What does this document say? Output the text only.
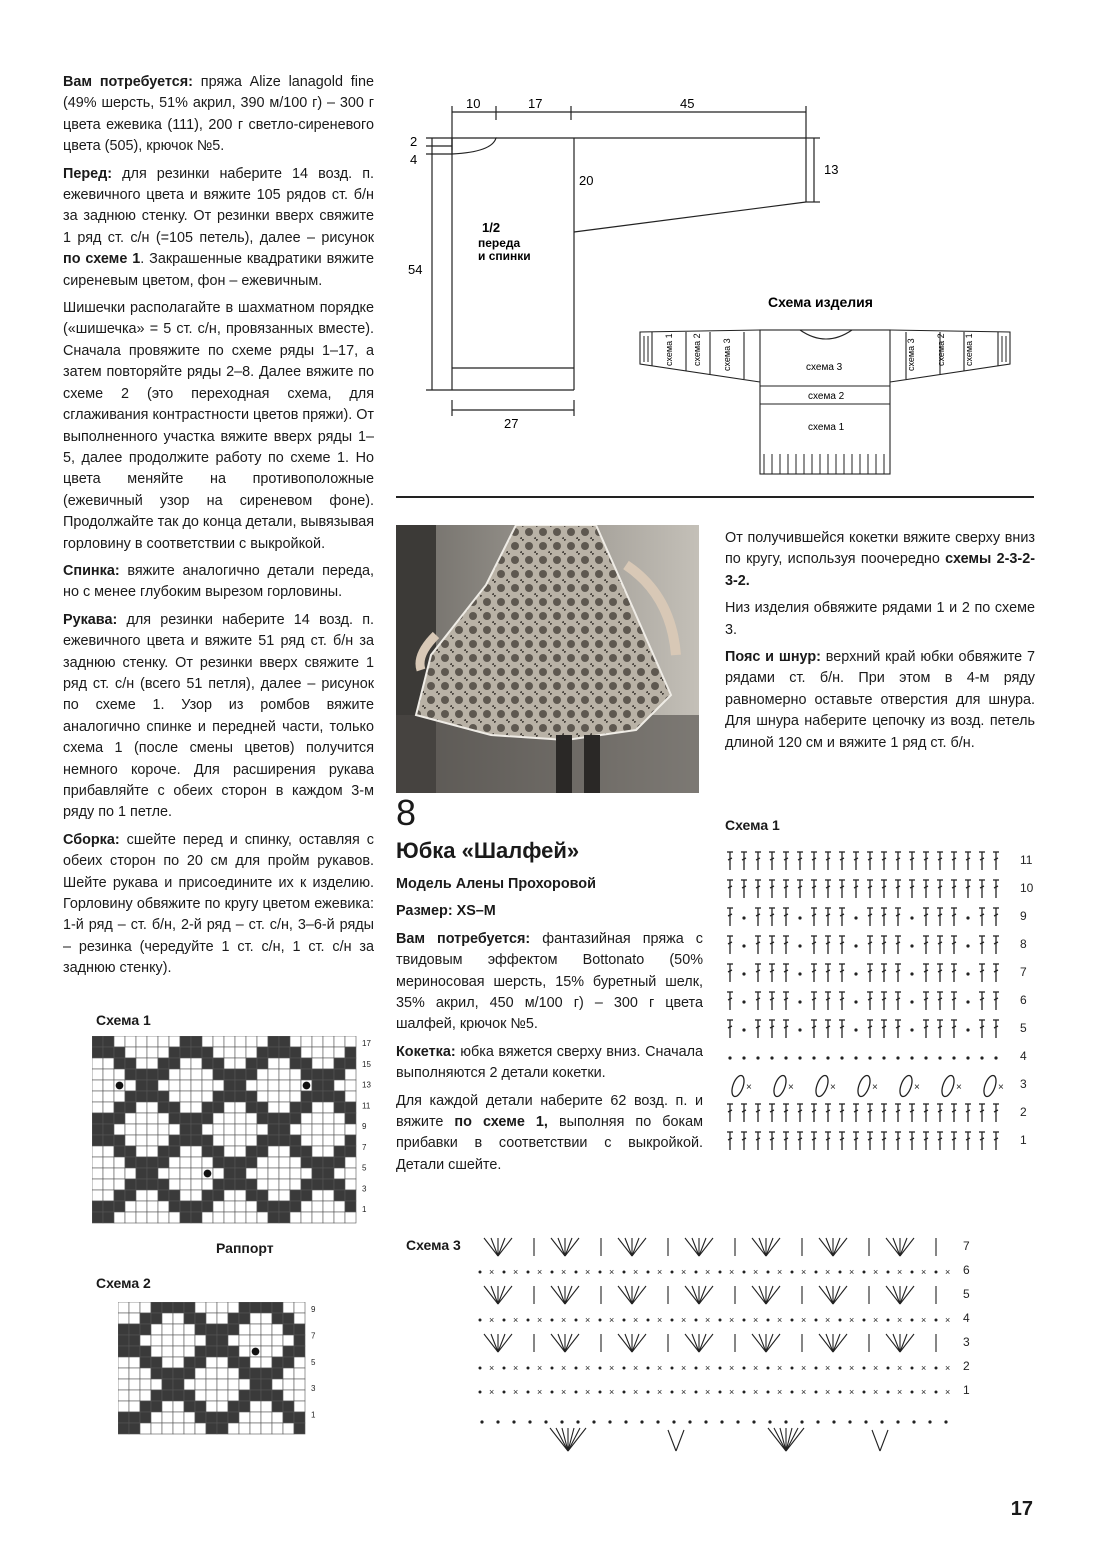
Вам потребуется: пряжа Alize lanagold fine (49% шерсть, 51% акрил, 390 м/100 г) – 300 г цвета ежевика (111), 200 г светло-сиреневого цвета (505), крючок №5.

Перед: для резинки наберите 14 возд. п. ежевичного цвета и вяжите 105 рядов ст. б/н за заднюю стенку. От резинки вверх свяжите 1 ряд ст. с/н (=105 петель), далее – рисунок по схеме 1. Закрашенные квадратики вяжите сиреневым цветом, фон – ежевичным.

Шишечки располагайте в шахматном порядке («шишечка» = 5 ст. с/н, провязанных вместе). Сначала провяжите по схеме ряды 1–17, а затем повторяйте ряды 2–8. Далее вяжите по схеме 2 (это переходная схема, для сглаживания контрастности цветов пряжи). От выполненного участка вяжите вверх ряды 1–5, далее продолжите работу по схеме 1. Но цвета меняйте на противоположные (ежевичный узор на сиреневом фоне). Продолжайте так до конца детали, вывязывая горловину в соответствии с выкройкой.

Спинка: вяжите аналогично детали переда, но с менее глубоким вырезом горловины.

Рукава: для резинки наберите 14 возд. п. ежевичного цвета и вяжите 51 ряд ст. б/н за заднюю стенку. От резинки вверх свяжите 1 ряд ст. с/н (всего 51 петля), далее – рисунок по схеме 1. Узор из ромбов вяжите аналогично спинке и передней части, только схема 1 (после смены цветов) получится немного короче. Для расширения рукава прибавляйте с обеих сторон в каждом 3-м ряду по 1 петле.

Сборка: сшейте перед и спинку, оставляя с обеих сторон по 20 см для пройм рукавов. Шейте рукава и присоедините их к изделию. Горловину обвяжите по кругу цветом ежевика: 1-й ряд – ст. б/н, 2-й ряд – ст. с/н, 3–6-й ряды – резинка (чередуйте 1 ст. с/н, 1 ст. с/н за заднюю стенку).

10	17	45
2
4
54
20
13
27
1/2
переда
и спинки
Схема изделия
схема 3
схема 2
схема 1
схема 1 схема 2 схема 3	схема 3 схема 2 схема 1
8
Юбка «Шалфей»

Модель Алены Прохоровой

Размер: XS–M

Вам потребуется: фантазийная пряжа с твидовым эффектом Bottonato (50% мериносовая шерсть, 15% буретный шелк, 35% акрил, 450 м/100 г) – 300 г цвета шалфей, крючок №5.

Кокетка: юбка вяжется сверху вниз. Сначала выполняются 2 детали кокетки.

Для каждой детали наберите 62 возд. п. и вяжите по схеме 1, выполняя по бокам прибавки в соответствии с выкройкой. Детали сшейте.

От получившейся кокетки вяжите сверху вниз по кругу, используя поочередно схемы 2-3-2-3-2.

Низ изделия обвяжите рядами 1 и 2 по схеме 3.

Пояс и шнур: верхний край юбки обвяжите 7 рядами ст. б/н. При этом в 4-м ряду равномерно оставьте отверстия для шнура. Для шнура наберите цепочку из возд. петель длиной 120 см и вяжите 1 ряд ст. б/н.

Схема 1
17
15
13
11
9
7
5
3
1
Раппорт
Схема 2
9
7
5
3
1
Схема 1
11
10
9
8
7
6
5
4
3
×	×	×	×	×	×	×
2
1
Схема 3	7
6
× × × × × × × × × × × × × × × × × × × ×
5
4
× × × × × × × × × × × × × × × × × × × ×
3
2
× × × × × × × × × × × × × × × × × × × ×
1
× × × × × × × × × × × × × × × × × × × ×
17
